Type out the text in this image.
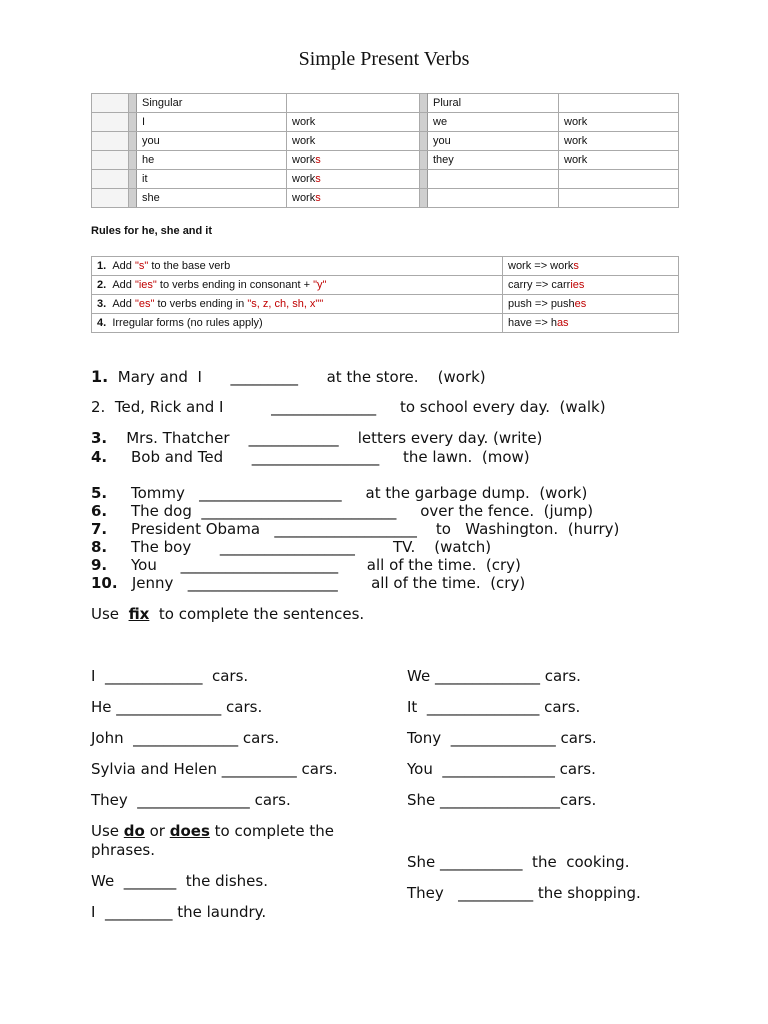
Simple Present Verbs
		Singular			Plural	
		I	work		we	work
		you	work		you	work
		he	works		they	work
		it	works			
		she	works			
Rules for he, she and it
1. Add "s" to the base verb	work => works
2. Add "ies" to verbs ending in consonant + "y"	carry => carries
3. Add "es" to verbs ending in "s, z, ch, sh, x""	push => pushes
4. Irregular forms (no rules apply)	have => has
1.  Mary and  I      _________      at the store.    (work)
2.  Ted, Rick and I          ______________     to school every day.  (walk)
3.    Mrs. Thatcher    ____________    letters every day. (write)
4.     Bob and Ted      _________________     the lawn.  (mow)
5.     Tommy   ___________________     at the garbage dump.  (work)
6.     The dog  __________________________     over the fence.  (jump)
7.     President Obama   ___________________    to   Washington.  (hurry)
8.     The boy      __________________        TV.    (watch)
9.     You     _____________________      all of the time.  (cry)
10.   Jenny   ____________________       all of the time.  (cry)
Use  fix  to complete the sentences.
I  _____________  cars.
He ______________ cars.
John  ______________ cars.
Sylvia and Helen __________ cars.
They  _______________ cars.
We ______________ cars.
It  _______________ cars.
Tony  ______________ cars.
You  _______________ cars.
She ________________cars.
Use do or does to complete the
phrases.
We  _______  the dishes.
I  _________ the laundry.
She ___________  the  cooking.
They   __________ the shopping.
